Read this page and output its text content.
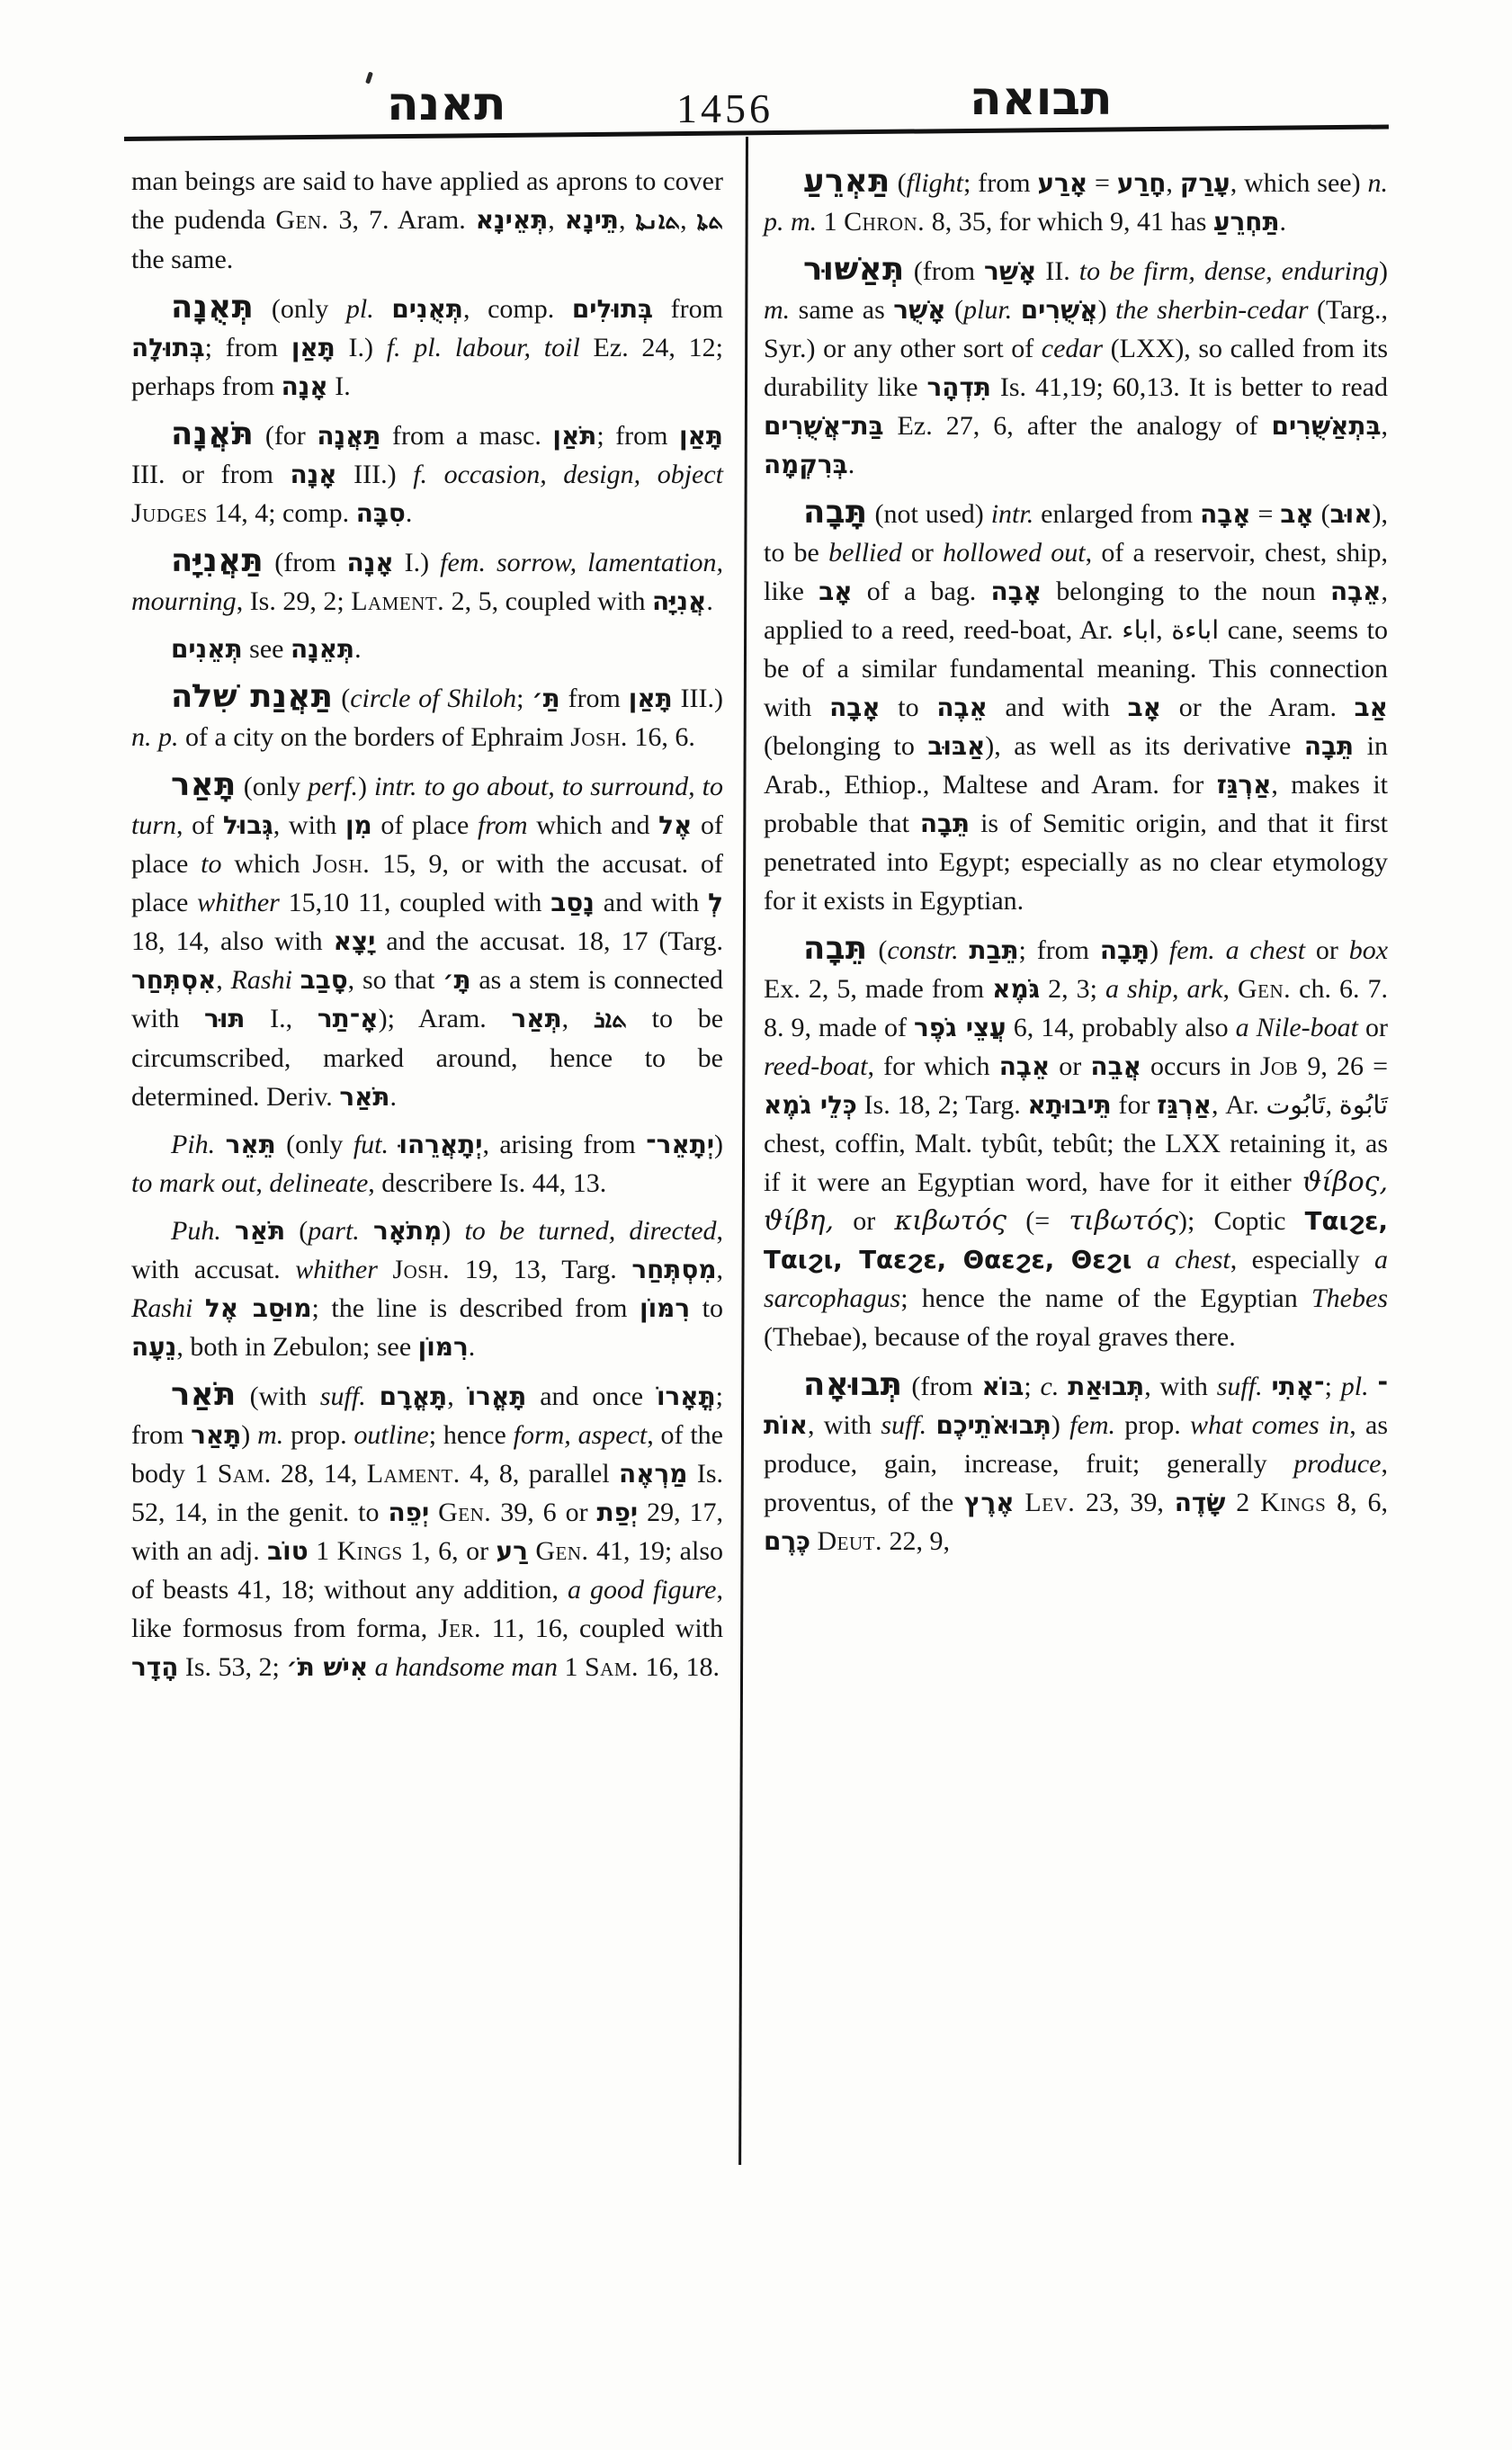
תאנה	1456	תבואה

man beings are said to have applied as aprons to cover the pudenda Gen. 3, 7. Aram. תְּאֵינָא, תֵּינָא, ܬܐܢܬܐ, ܬܬܐ the same.

תְּאֻנָה (only pl. תְּאֻנִים, comp. בְּתוּלִים from בְּתוּלָה; from תָּאַן I.) f. pl. labour, toil Ez. 24, 12; perhaps from אָנָה I.

תֹּאֲנָה (for תַּאֲנָה from a masc. תֹּאַן; from תָּאַן III. or from אָנָה III.) f. occasion, design, object Judges 14, 4; comp. סִבָּה.

תַּאֲנִיָּה (from אָנָה I.) fem. sorrow, lamentation, mourning, Is. 29, 2; Lament. 2, 5, coupled with אֲנִיָּה.

תְּאֵנִים see תְּאֵנָה.

תַּאֲנַת שִׁלֹה (circle of Shiloh; תַּ׳ from תָּאַן III.) n. p. of a city on the borders of Ephraim Josh. 16, 6.

תָּאַר (only perf.) intr. to go about, to surround, to turn, of גְּבוּל, with מִן of place from which and אֶל of place to which Josh. 15, 9, or with the accusat. of place whither 15,10 11, coupled with נָסַב and with לְ 18, 14, also with יָצָא and the accusat. 18, 17 (Targ. אִסְתְּחַר, Rashi סָבַב, so that תָּ׳ as a stem is connected with תּוּר I., אָ־תַר); Aram. תְּאַר, ܬܐܪ to be circumscribed, marked around, hence to be determined. Deriv. תֹּאַר.

Pih. תֵּאֵר (only fut. יְתָאֲרֵהוּ, arising from יְתָאֵר־) to mark out, delineate, describere Is. 44, 13.

Puh. תֹּאַר (part. מְתֹאָר) to be turned, directed, with accusat. whither Josh. 19, 13, Targ. מִסְתְּחַר, Rashi מוּסַב אֶל; the line is described from רִמּוֹן to נֵעָה, both in Zebulon; see רִמּוֹן.

תֹּאַר (with suff. תָּאֳרָם, תָּאֳרוֹ and once תֳּאָרוֹ; from תָּאַר) m. prop. outline; hence form, aspect, of the body 1 Sam. 28, 14, Lament. 4, 8, parallel מַרְאֶה Is. 52, 14, in the genit. to יְפֵה Gen. 39, 6 or יְפַת 29, 17, with an adj. טוֹב 1 Kings 1, 6, or רַע Gen. 41, 19; also of beasts 41, 18; without any addition, a good figure, like formosus from forma, Jer. 11, 16, coupled with הָדָר Is. 53, 2; אִישׁ תֹּ׳ a handsome man 1 Sam. 16, 18.

תַּאְרֵעַ (flight; from אָרַע = חָרַע, עָרַק, which see) n. p. m. 1 Chron. 8, 35, for which 9, 41 has תַּחְרֵעַ.

תְּאַשּׁוּר (from אָשַׁר II. to be firm, dense, enduring) m. same as אָשֻׁר (plur. אֲשֻׁרִים) the sherbin-cedar (Targ., Syr.) or any other sort of cedar (LXX), so called from its durability like תִּדְהָר Is. 41,19; 60,13. It is better to read בַּת־אֲשֻׁרִים Ez. 27, 6, after the analogy of בִּתְאַשֻּׁרִים, בְּרִקְמָה.

תָּבָה (not used) intr. enlarged from אָבָה = אָב (אוּב), to be bellied or hollowed out, of a reservoir, chest, ship, like אָב of a bag. אָבָה belonging to the noun אֵבֶה, applied to a reed, reed-boat, Ar. اباء, اباءة cane, seems to be of a similar fundamental meaning. This connection with אָבָה to אֵבֶה and with אָב or the Aram. אַב (belonging to אַבּוּב), as well as its derivative תֵּבָה in Arab., Ethiop., Maltese and Aram. for אַרְגַּז, makes it probable that תֵּבָה is of Semitic origin, and that it first penetrated into Egypt; especially as no clear etymology for it exists in Egyptian.

תֵּבָה (constr. תֵּבַת; from תָּבָה) fem. a chest or box Ex. 2, 5, made from גֹּמֶא 2, 3; a ship, ark, Gen. ch. 6. 7. 8. 9, made of עֲצֵי גֹפֶר 6, 14, probably also a Nile-boat or reed-boat, for which אֵבֶה or אֲבֵה occurs in Job 9, 26 = כְּלֵי גֹמֶא Is. 18, 2; Targ. תֵּיבוּתָא for אַרְגַּז, Ar. تَابُوت, تَابُوة chest, coffin, Malt. tybût, tebût; the LXX retaining it, as if it were an Egyptian word, have for it either ϑίβος, ϑίβη, or κιβωτός (= τιβωτός); Coptic Ταιϩε, Ταιϩι, Ταεϩε, Θαεϩε, Θεϩι a chest, especially a sarcophagus; hence the name of the Egyptian Thebes (Thebae), because of the royal graves there.

תְּבוּאָה (from בּוֹא; c. תְּבוּאַת, with suff. ־אָתִי; pl. ־אוֹת, with suff. תְּבוּאֹתֵיכֶם) fem. prop. what comes in, as produce, gain, increase, fruit; generally produce, proventus, of the אֶרֶץ Lev. 23, 39, שָׂדֶה 2 Kings 8, 6, כֶּרֶם Deut. 22, 9,
